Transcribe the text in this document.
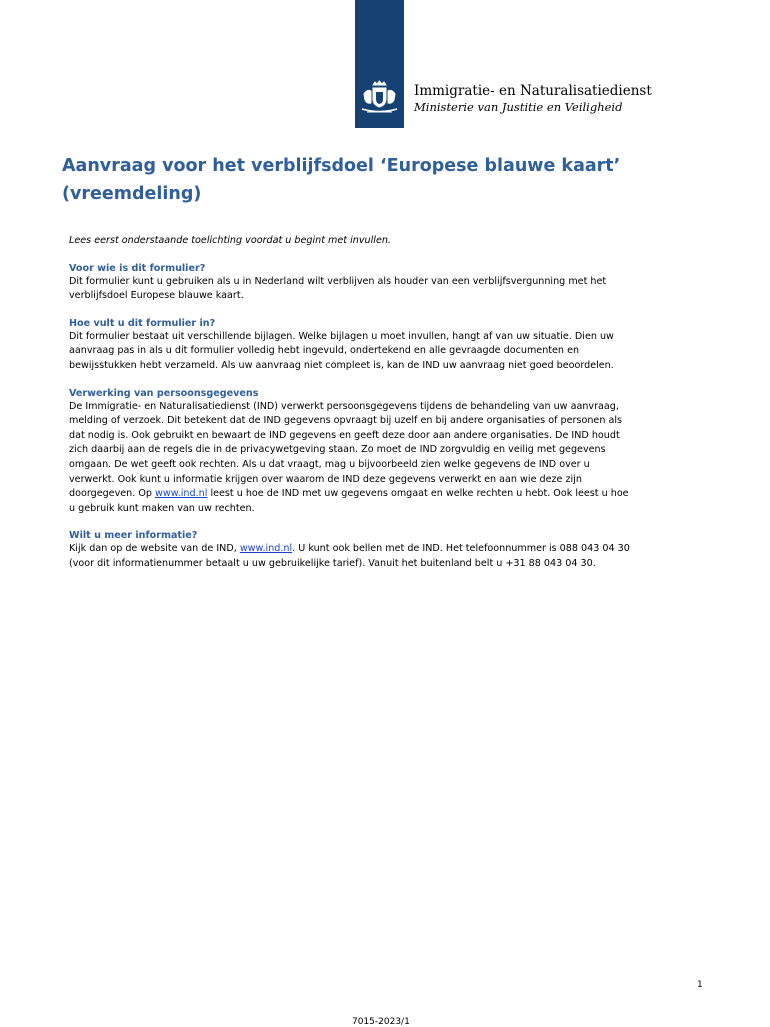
Immigratie- en Naturalisatiedienst
Ministerie van Justitie en Veiligheid
Aanvraag voor het verblijfsdoel ‘Europese blauwe kaart’
(vreemdeling)

Lees eerst onderstaande toelichting voordat u begint met invullen.

Voor wie is dit formulier?

Dit formulier kunt u gebruiken als u in Nederland wilt verblijven als houder van een verblijfsvergunning met het
verblijfsdoel Europese blauwe kaart.

Hoe vult u dit formulier in?

Dit formulier bestaat uit verschillende bijlagen. Welke bijlagen u moet invullen, hangt af van uw situatie. Dien uw
aanvraag pas in als u dit formulier volledig hebt ingevuld, ondertekend en alle gevraagde documenten en
bewijsstukken hebt verzameld. Als uw aanvraag niet compleet is, kan de IND uw aanvraag niet goed beoordelen.

Verwerking van persoonsgegevens

De Immigratie- en Naturalisatiedienst (IND) verwerkt persoonsgegevens tijdens de behandeling van uw aanvraag,
melding of verzoek. Dit betekent dat de IND gegevens opvraagt bij uzelf en bij andere organisaties of personen als
dat nodig is. Ook gebruikt en bewaart de IND gegevens en geeft deze door aan andere organisaties. De IND houdt
zich daarbij aan de regels die in de privacywetgeving staan. Zo moet de IND zorgvuldig en veilig met gegevens
omgaan. De wet geeft ook rechten. Als u dat vraagt, mag u bijvoorbeeld zien welke gegevens de IND over u
verwerkt. Ook kunt u informatie krijgen over waarom de IND deze gegevens verwerkt en aan wie deze zijn
doorgegeven. Op www.ind.nl leest u hoe de IND met uw gegevens omgaat en welke rechten u hebt. Ook leest u hoe
u gebruik kunt maken van uw rechten.

Wilt u meer informatie?

Kijk dan op de website van de IND, www.ind.nl. U kunt ook bellen met de IND. Het telefoonnummer is 088 043 04 30
(voor dit informatienummer betaalt u uw gebruikelijke tarief). Vanuit het buitenland belt u +31 88 043 04 30.

1
7015-2023/1
